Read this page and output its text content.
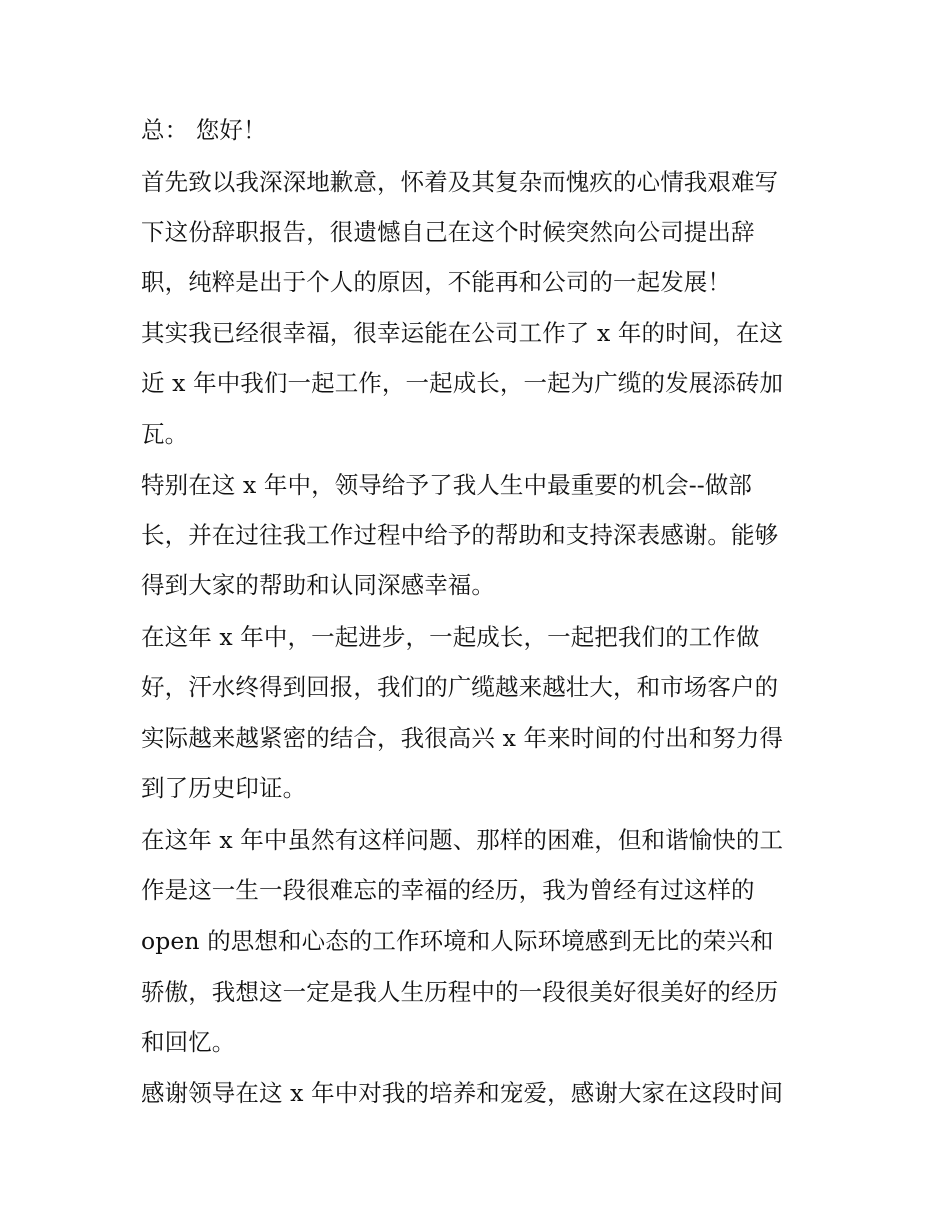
总： 您好！
首先致以我深深地歉意，怀着及其复杂而愧疚的心情我艰难写
下这份辞职报告，很遗憾自己在这个时候突然向公司提出辞
职，纯粹是出于个人的原因，不能再和公司的一起发展！
其实我已经很幸福，很幸运能在公司工作了 x 年的时间，在这
近 x 年中我们一起工作，一起成长，一起为广缆的发展添砖加
瓦。
特别在这 x 年中，领导给予了我人生中最重要的机会--做部
长，并在过往我工作过程中给予的帮助和支持深表感谢。能够
得到大家的帮助和认同深感幸福。
在这年 x 年中，一起进步，一起成长，一起把我们的工作做
好，汗水终得到回报，我们的广缆越来越壮大，和市场客户的
实际越来越紧密的结合，我很高兴 x 年来时间的付出和努力得
到了历史印证。
在这年 x 年中虽然有这样问题、那样的困难，但和谐愉快的工
作是这一生一段很难忘的幸福的经历，我为曾经有过这样的
open 的思想和心态的工作环境和人际环境感到无比的荣兴和
骄傲，我想这一定是我人生历程中的一段很美好很美好的经历
和回忆。
感谢领导在这 x 年中对我的培养和宠爱，感谢大家在这段时间
